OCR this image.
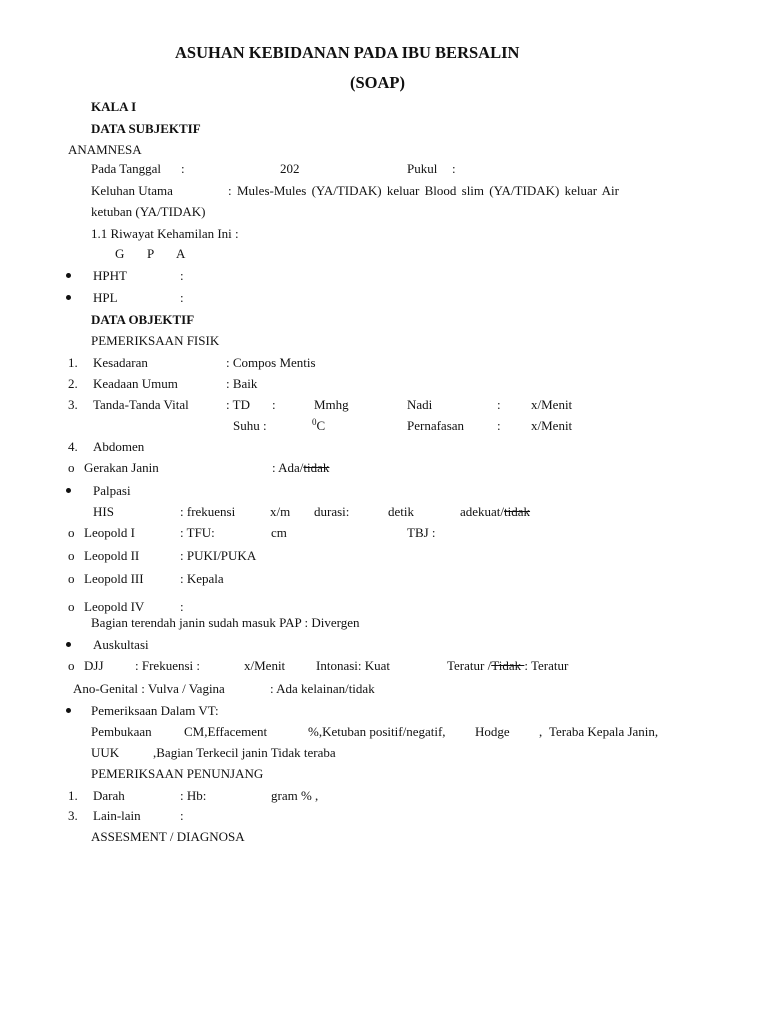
ASUHAN KEBIDANAN PADA IBU BERSALIN
(SOAP)
KALA I
DATA SUBJEKTIF
ANAMNESA
Pada Tanggal :	202	Pukul :
Keluhan Utama	: Mules-Mules (YA/TIDAK) keluar Blood slim (YA/TIDAK) keluar Air
ketuban (YA/TIDAK)
1.1 Riwayat Kehamilan Ini :
G P A
HPHT	:
HPL	:
DATA OBJEKTIF
PEMERIKSAAN FISIK
1. Kesadaran	: Compos Mentis
2. Keadaan Umum	: Baik
3. Tanda-Tanda Vital	: TD :	Mmhg	Nadi	: x/Menit
Suhu :	$^0$C	Pernafasan	: x/Menit
4. Abdomen
o Gerakan Janin	: Ada/tidak
Palpasi
HIS	: frekuensi	x/m durasi:	detik	adekuat/tidak
o Leopold I	: TFU:	cm	TBJ :
o Leopold II	: PUKI/PUKA
o Leopold III	: Kepala
o Leopold IV	:
Bagian terendah janin sudah masuk PAP : Divergen
Auskultasi
o DJJ : Frekuensi :	x/Menit Intonasi: Kuat	Teratur /Tidak : Teratur
Ano-Genital : Vulva / Vagina	: Ada kelainan/tidak
Pemeriksaan Dalam VT:
Pembukaan CM,Effacement	%,Ketuban positif/negatif, Hodge , Teraba Kepala Janin,
UUK	,Bagian Terkecil janin Tidak teraba
PEMERIKSAAN PENUNJANG
1. Darah	: Hb:	gram % ,
3. Lain-lain	:
ASSESMENT / DIAGNOSA
